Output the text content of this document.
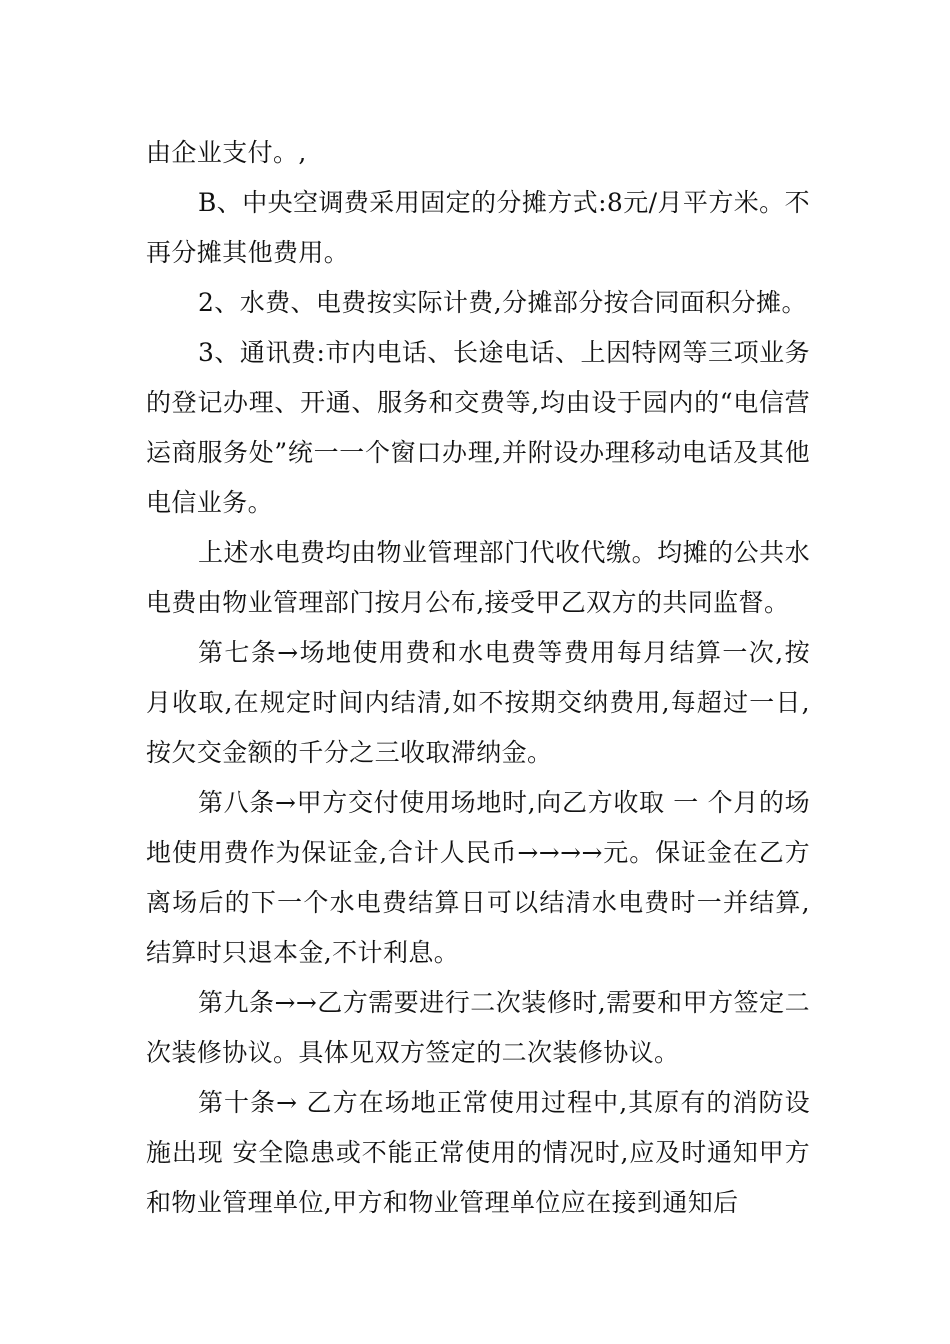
由企业支付。,

B、中央空调费采用固定的分摊方式:8元/月平方米。不再分摊其他费用。

2、水费、电费按实际计费,分摊部分按合同面积分摊。

3、通讯费:市内电话、长途电话、上因特网等三项业务的登记办理、开通、服务和交费等,均由设于园内的“电信营运商服务处”统一一个窗口办理,并附设办理移动电话及其他电信业务。

上述水电费均由物业管理部门代收代缴。均摊的公共水电费由物业管理部门按月公布,接受甲乙双方的共同监督。

第七条→场地使用费和水电费等费用每月结算一次,按月收取,在规定时间内结清,如不按期交纳费用,每超过一日,按欠交金额的千分之三收取滞纳金。

第八条→甲方交付使用场地时,向乙方收取 一 个月的场地使用费作为保证金,合计人民币→→→→元。保证金在乙方离场后的下一个水电费结算日可以结清水电费时一并结算,结算时只退本金,不计利息。

第九条→→乙方需要进行二次装修时,需要和甲方签定二次装修协议。具体见双方签定的二次装修协议。

第十条→ 乙方在场地正常使用过程中,其原有的消防设施出现 安全隐患或不能正常使用的情况时,应及时通知甲方和物业管理单位,甲方和物业管理单位应在接到通知后
